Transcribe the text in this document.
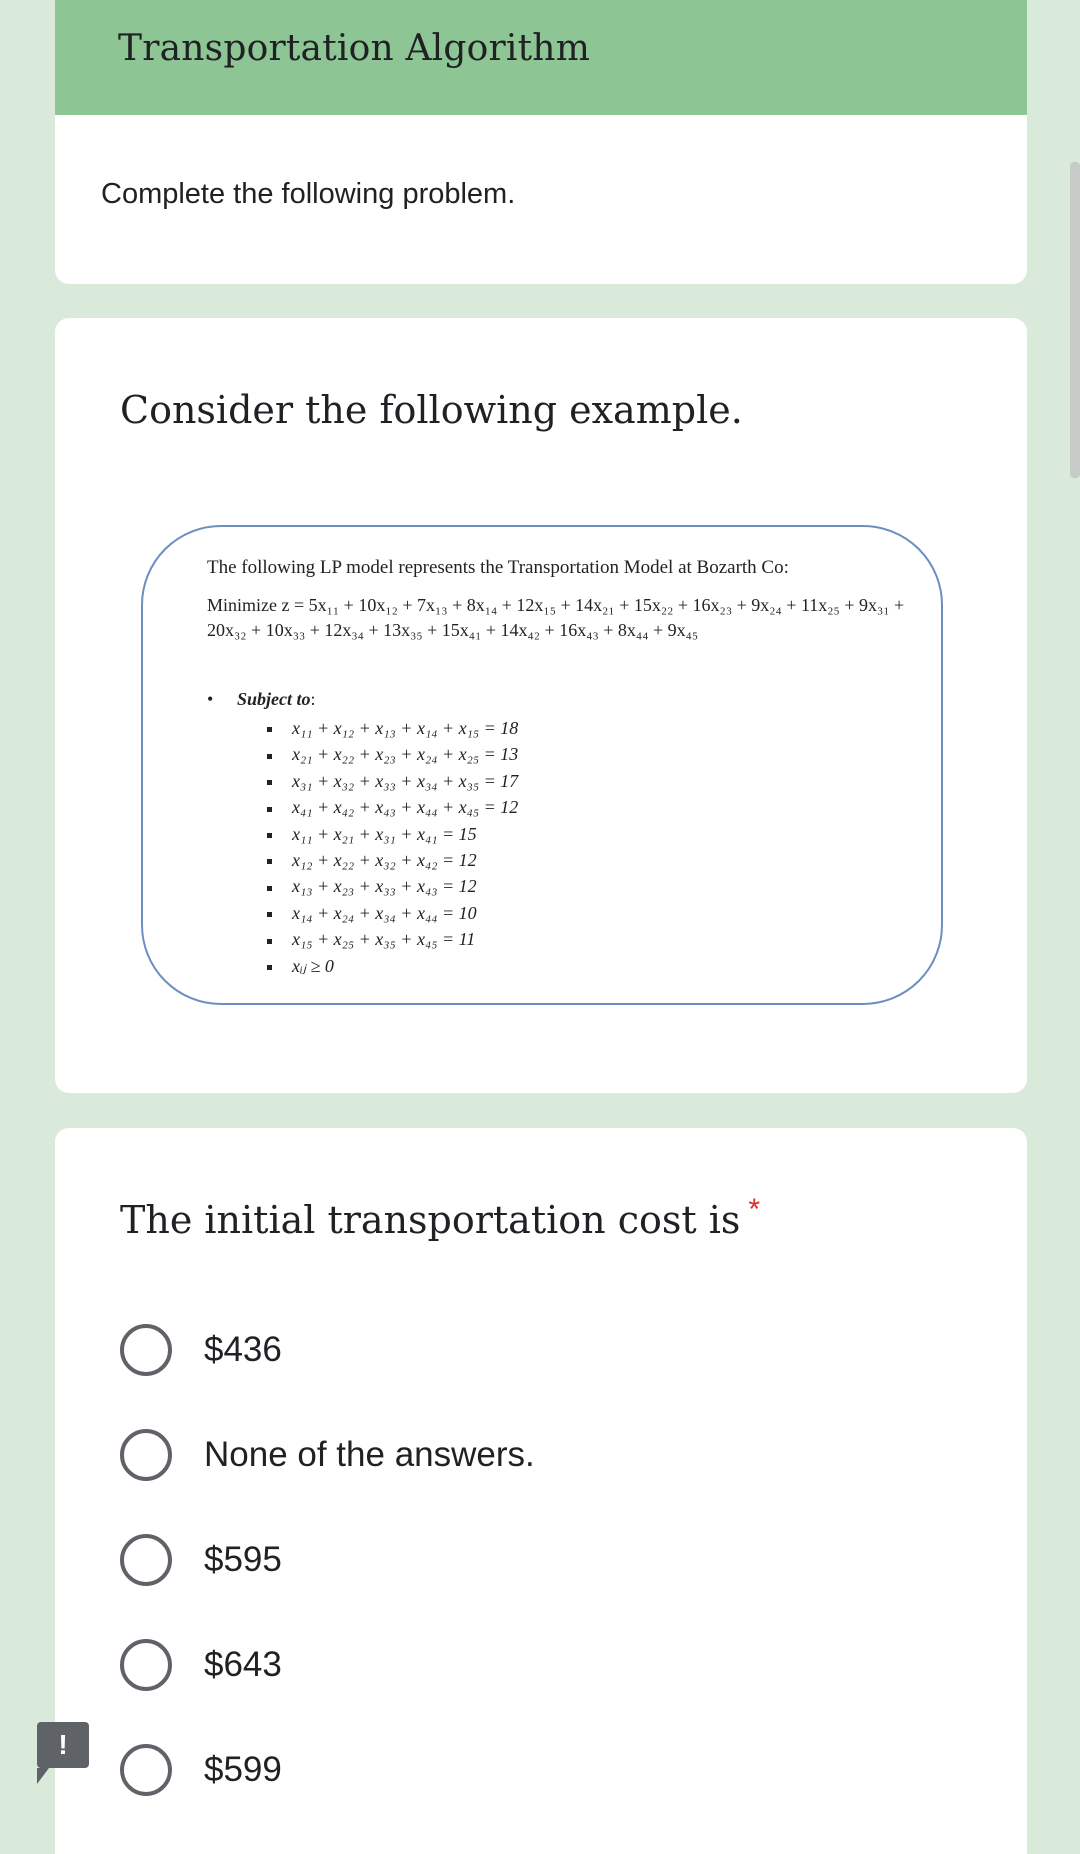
Transportation Algorithm
Complete the following problem.
Consider the following example.
The following LP model represents the Transportation Model at Bozarth Co:
Minimize z = 5x₁₁ + 10x₁₂ + 7x₁₃ + 8x₁₄ + 12x₁₅ + 14x₂₁ + 15x₂₂ + 16x₂₃ + 9x₂₄ + 11x₂₅ + 9x₃₁ + 20x₃₂ + 10x₃₃ + 12x₃₄ + 13x₃₅ + 15x₄₁ + 14x₄₂ + 16x₄₃ + 8x₄₄ + 9x₄₅
• Subject to:
x₁₁ + x₁₂ + x₁₃ + x₁₄ + x₁₅ = 18
x₂₁ + x₂₂ + x₂₃ + x₂₄ + x₂₅ = 13
x₃₁ + x₃₂ + x₃₃ + x₃₄ + x₃₅ = 17
x₄₁ + x₄₂ + x₄₃ + x₄₄ + x₄₅ = 12
x₁₁ + x₂₁ + x₃₁ + x₄₁ = 15
x₁₂ + x₂₂ + x₃₂ + x₄₂ = 12
x₁₃ + x₂₃ + x₃₃ + x₄₃ = 12
x₁₄ + x₂₄ + x₃₄ + x₄₄ = 10
x₁₅ + x₂₅ + x₃₅ + x₄₅ = 11
xᵢⱼ ≥ 0
The initial transportation cost is *
$436
None of the answers.
$595
$643
$599
!
